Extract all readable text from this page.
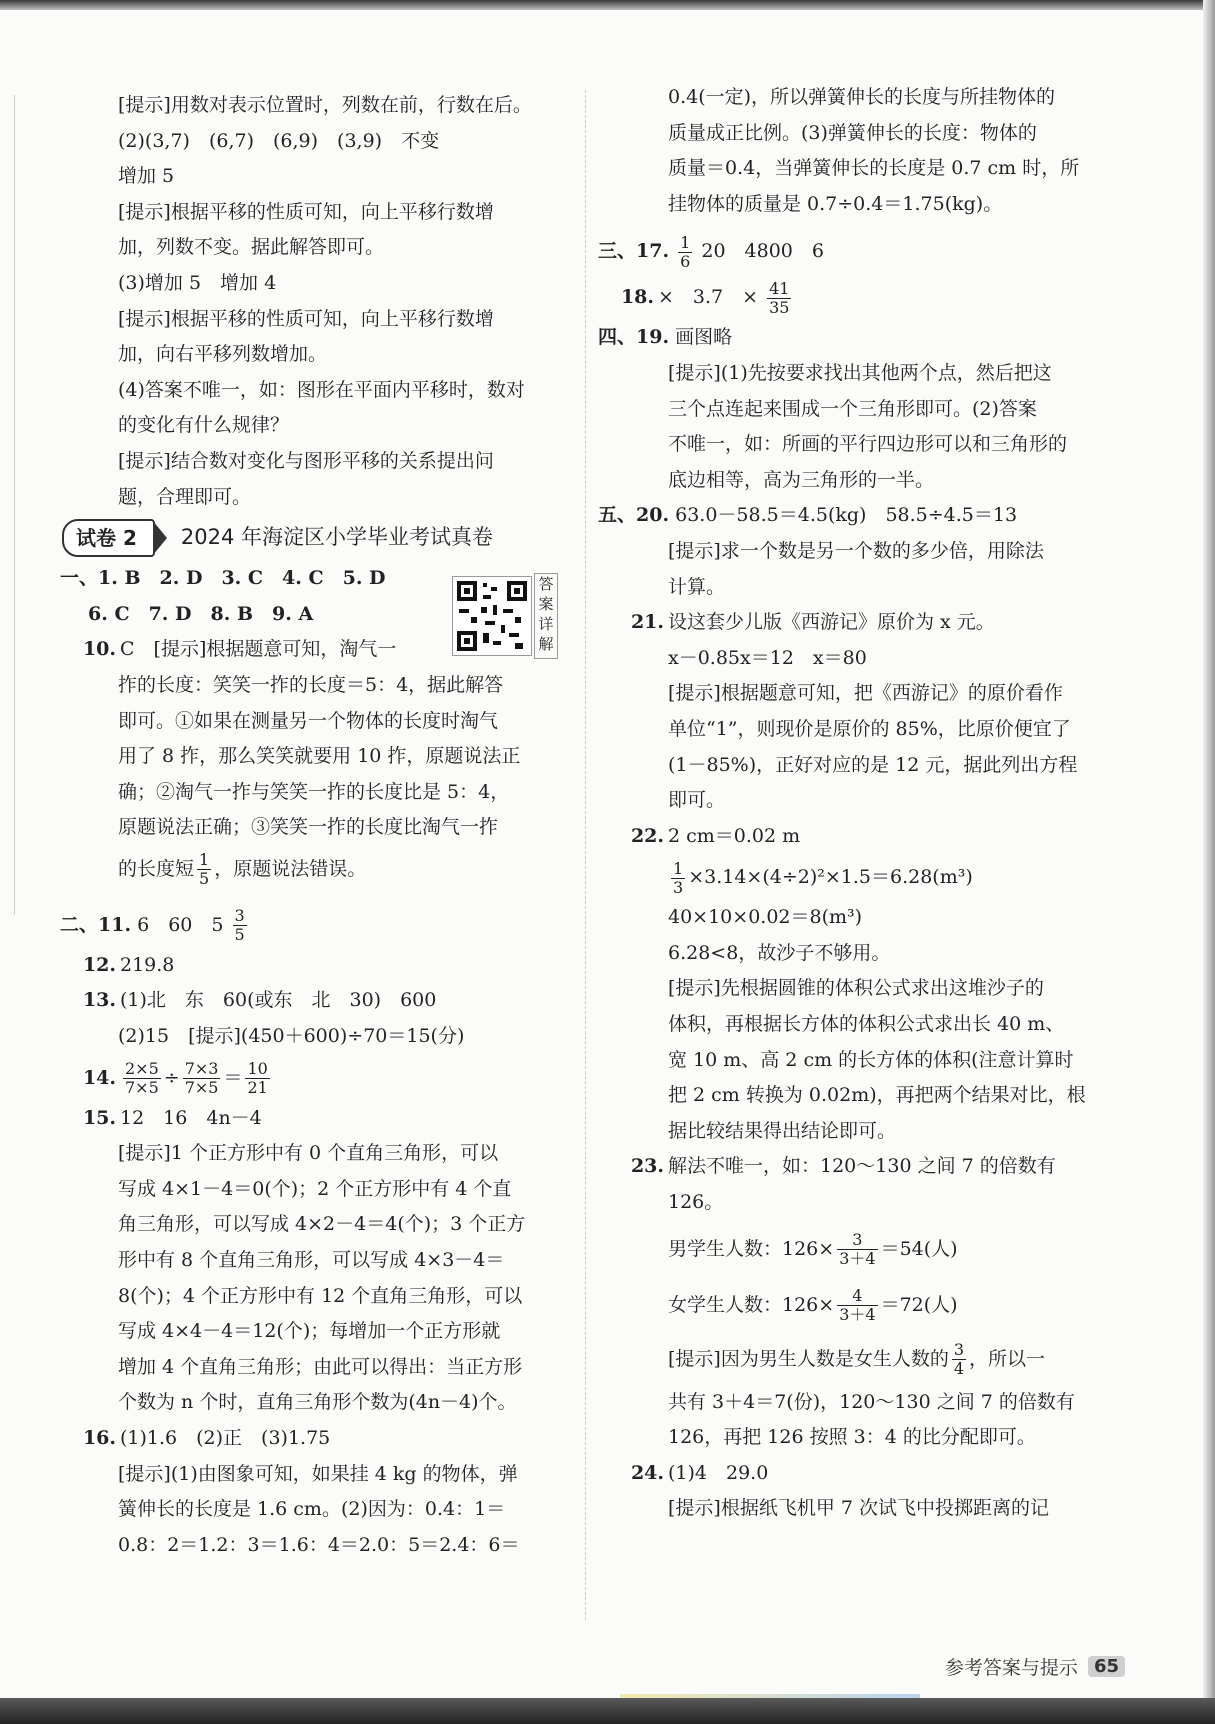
[提示]用数对表示位置时，列数在前，行数在后。

(2)(3,7)　(6,7)　(6,9)　(3,9)　不变

增加 5

[提示]根据平移的性质可知，向上平移行数增

加，列数不变。据此解答即可。

(3)增加 5　增加 4

[提示]根据平移的性质可知，向上平移行数增

加，向右平移列数增加。

(4)答案不唯一，如：图形在平面内平移时，数对

的变化有什么规律？

[提示]结合数对变化与图形平移的关系提出问

题，合理即可。

试卷 2	2024 年海淀区小学毕业考试真卷

一、1. B　2. D　3. C　4. C　5. D

6. C　7. D　8. B　9. A

10. C　[提示]根据题意可知，淘气一

拃的长度：笑笑一拃的长度＝5：4，据此解答

即可。①如果在测量另一个物体的长度时淘气

用了 8 拃，那么笑笑就要用 10 拃，原题说法正

确；②淘气一拃与笑笑一拃的长度比是 5：4，

原题说法正确；③笑笑一拃的长度比淘气一拃

的长度短 $\frac{1}{5}$ ，原题说法错误。

二、11. 6　60　$5 \frac{3}{5}$

12. 219.8

13. (1)北　东　60(或东　北　30)　600

(2)15　[提示](450＋600)÷70＝15(分)

14. $\frac{2\times 5}{7\times 5} \div \frac{7\times 3}{7\times 5} = \frac{10}{21}$

15. 12　16　4n－4

[提示]1 个正方形中有 0 个直角三角形，可以

写成 4×1－4＝0(个)；2 个正方形中有 4 个直

角三角形，可以写成 4×2－4＝4(个)；3 个正方

形中有 8 个直角三角形，可以写成 4×3－4＝

8(个)；4 个正方形中有 12 个直角三角形，可以

写成 4×4－4＝12(个)；每增加一个正方形就

增加 4 个直角三角形；由此可以得出：当正方形

个数为 n 个时，直角三角形个数为(4n－4)个。

16. (1)1.6　(2)正　(3)1.75

[提示](1)由图象可知，如果挂 4 kg 的物体，弹

簧伸长的长度是 1.6 cm。(2)因为：0.4：1＝

0.8：2＝1.2：3＝1.6：4＝2.0：5＝2.4：6＝

答案详解

0.4(一定)，所以弹簧伸长的长度与所挂物体的

质量成正比例。(3)弹簧伸长的长度：物体的

质量＝0.4，当弹簧伸长的长度是 0.7 cm 时，所

挂物体的质量是 0.7÷0.4＝1.75(kg)。

三、17. $\frac{1}{6} 20$　4800　6

18. ×　3.7　× $\frac{41}{35}$

四、19. 画图略

[提示](1)先按要求找出其他两个点，然后把这

三个点连起来围成一个三角形即可。(2)答案

不唯一，如：所画的平行四边形可以和三角形的

底边相等，高为三角形的一半。

五、20. 63.0－58.5＝4.5(kg)　58.5÷4.5＝13

[提示]求一个数是另一个数的多少倍，用除法

计算。

21. 设这套少儿版《西游记》原价为 x 元。

x－0.85x＝12　x＝80

[提示]根据题意可知，把《西游记》的原价看作

单位“1”，则现价是原价的 85%，比原价便宜了

(1－85%)，正好对应的是 12 元，据此列出方程

即可。

22. 2 cm＝0.02 m

$\frac{1}{3} \times 3.14\times(4\div 2)^2\times 1.5=6.28(m^3)$

40×10×0.02＝8(m³)

6.28<8，故沙子不够用。

[提示]先根据圆锥的体积公式求出这堆沙子的

体积，再根据长方体的体积公式求出长 40 m、

宽 10 m、高 2 cm 的长方体的体积(注意计算时

把 2 cm 转换为 0.02m)，再把两个结果对比，根

据比较结果得出结论即可。

23. 解法不唯一，如：120～130 之间 7 的倍数有

126。

男学生人数：$126\times \frac{3}{3+4} =54$(人)

女学生人数：$126\times \frac{4}{3+4} =72$(人)

[提示]因为男生人数是女生人数的 $\frac{3}{4}$ ，所以一

共有 3＋4＝7(份)，120～130 之间 7 的倍数有

126，再把 126 按照 3：4 的比分配即可。

24. (1)4　29.0

[提示]根据纸飞机甲 7 次试飞中投掷距离的记

参考答案与提示 65
